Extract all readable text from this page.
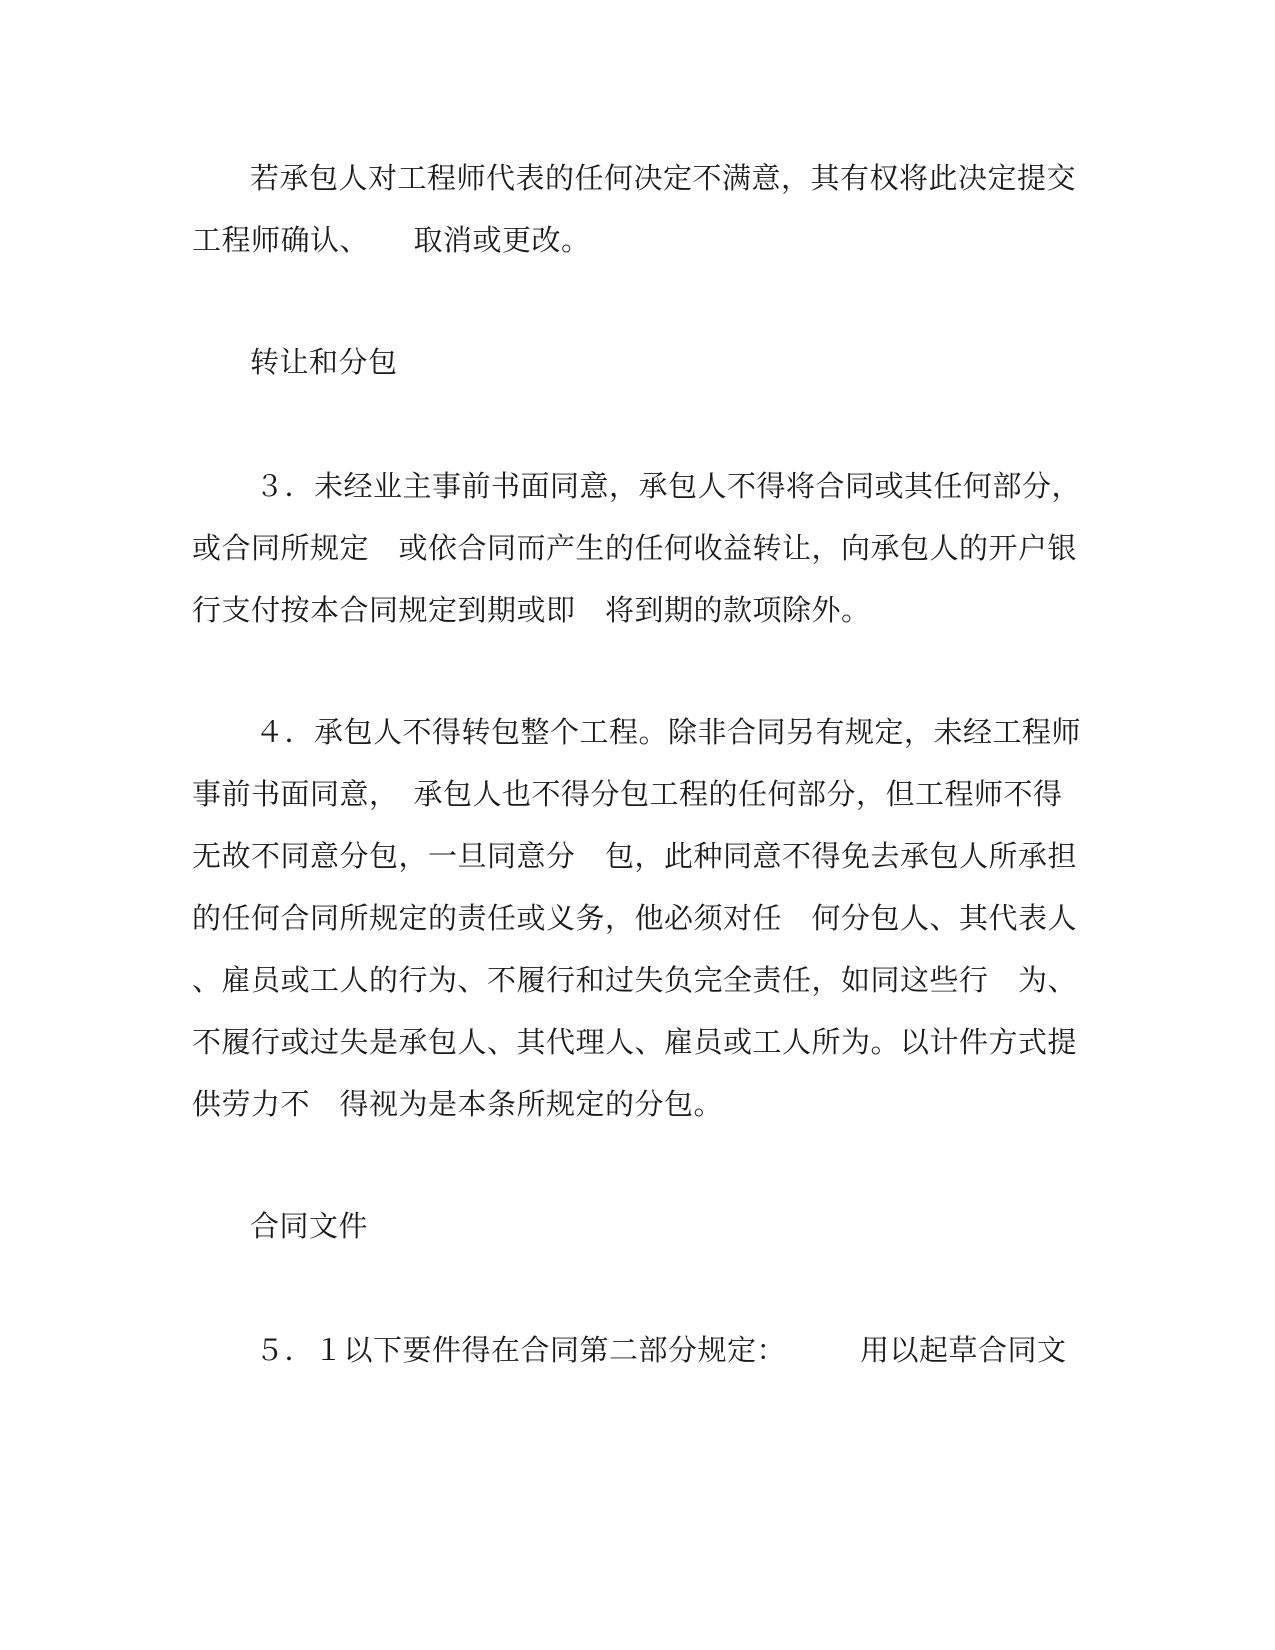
若承包人对工程师代表的任何决定不满意，其有权将此决定提交
工程师确认、　　取消或更改。
转让和分包
３．未经业主事前书面同意，承包人不得将合同或其任何部分，
或合同所规定　或依合同而产生的任何收益转让，向承包人的开户银
行支付按本合同规定到期或即　将到期的款项除外。
４．承包人不得转包整个工程。除非合同另有规定，未经工程师
事前书面同意，　承包人也不得分包工程的任何部分，但工程师不得
无故不同意分包，一旦同意分　包，此种同意不得免去承包人所承担
的任何合同所规定的责任或义务，他必须对任　何分包人、其代表人
、雇员或工人的行为、不履行和过失负完全责任，如同这些行　为、
不履行或过失是承包人、其代理人、雇员或工人所为。以计件方式提
供劳力不　得视为是本条所规定的分包。
合同文件
５．１以下要件得在合同第二部分规定：　　　用以起草合同文
